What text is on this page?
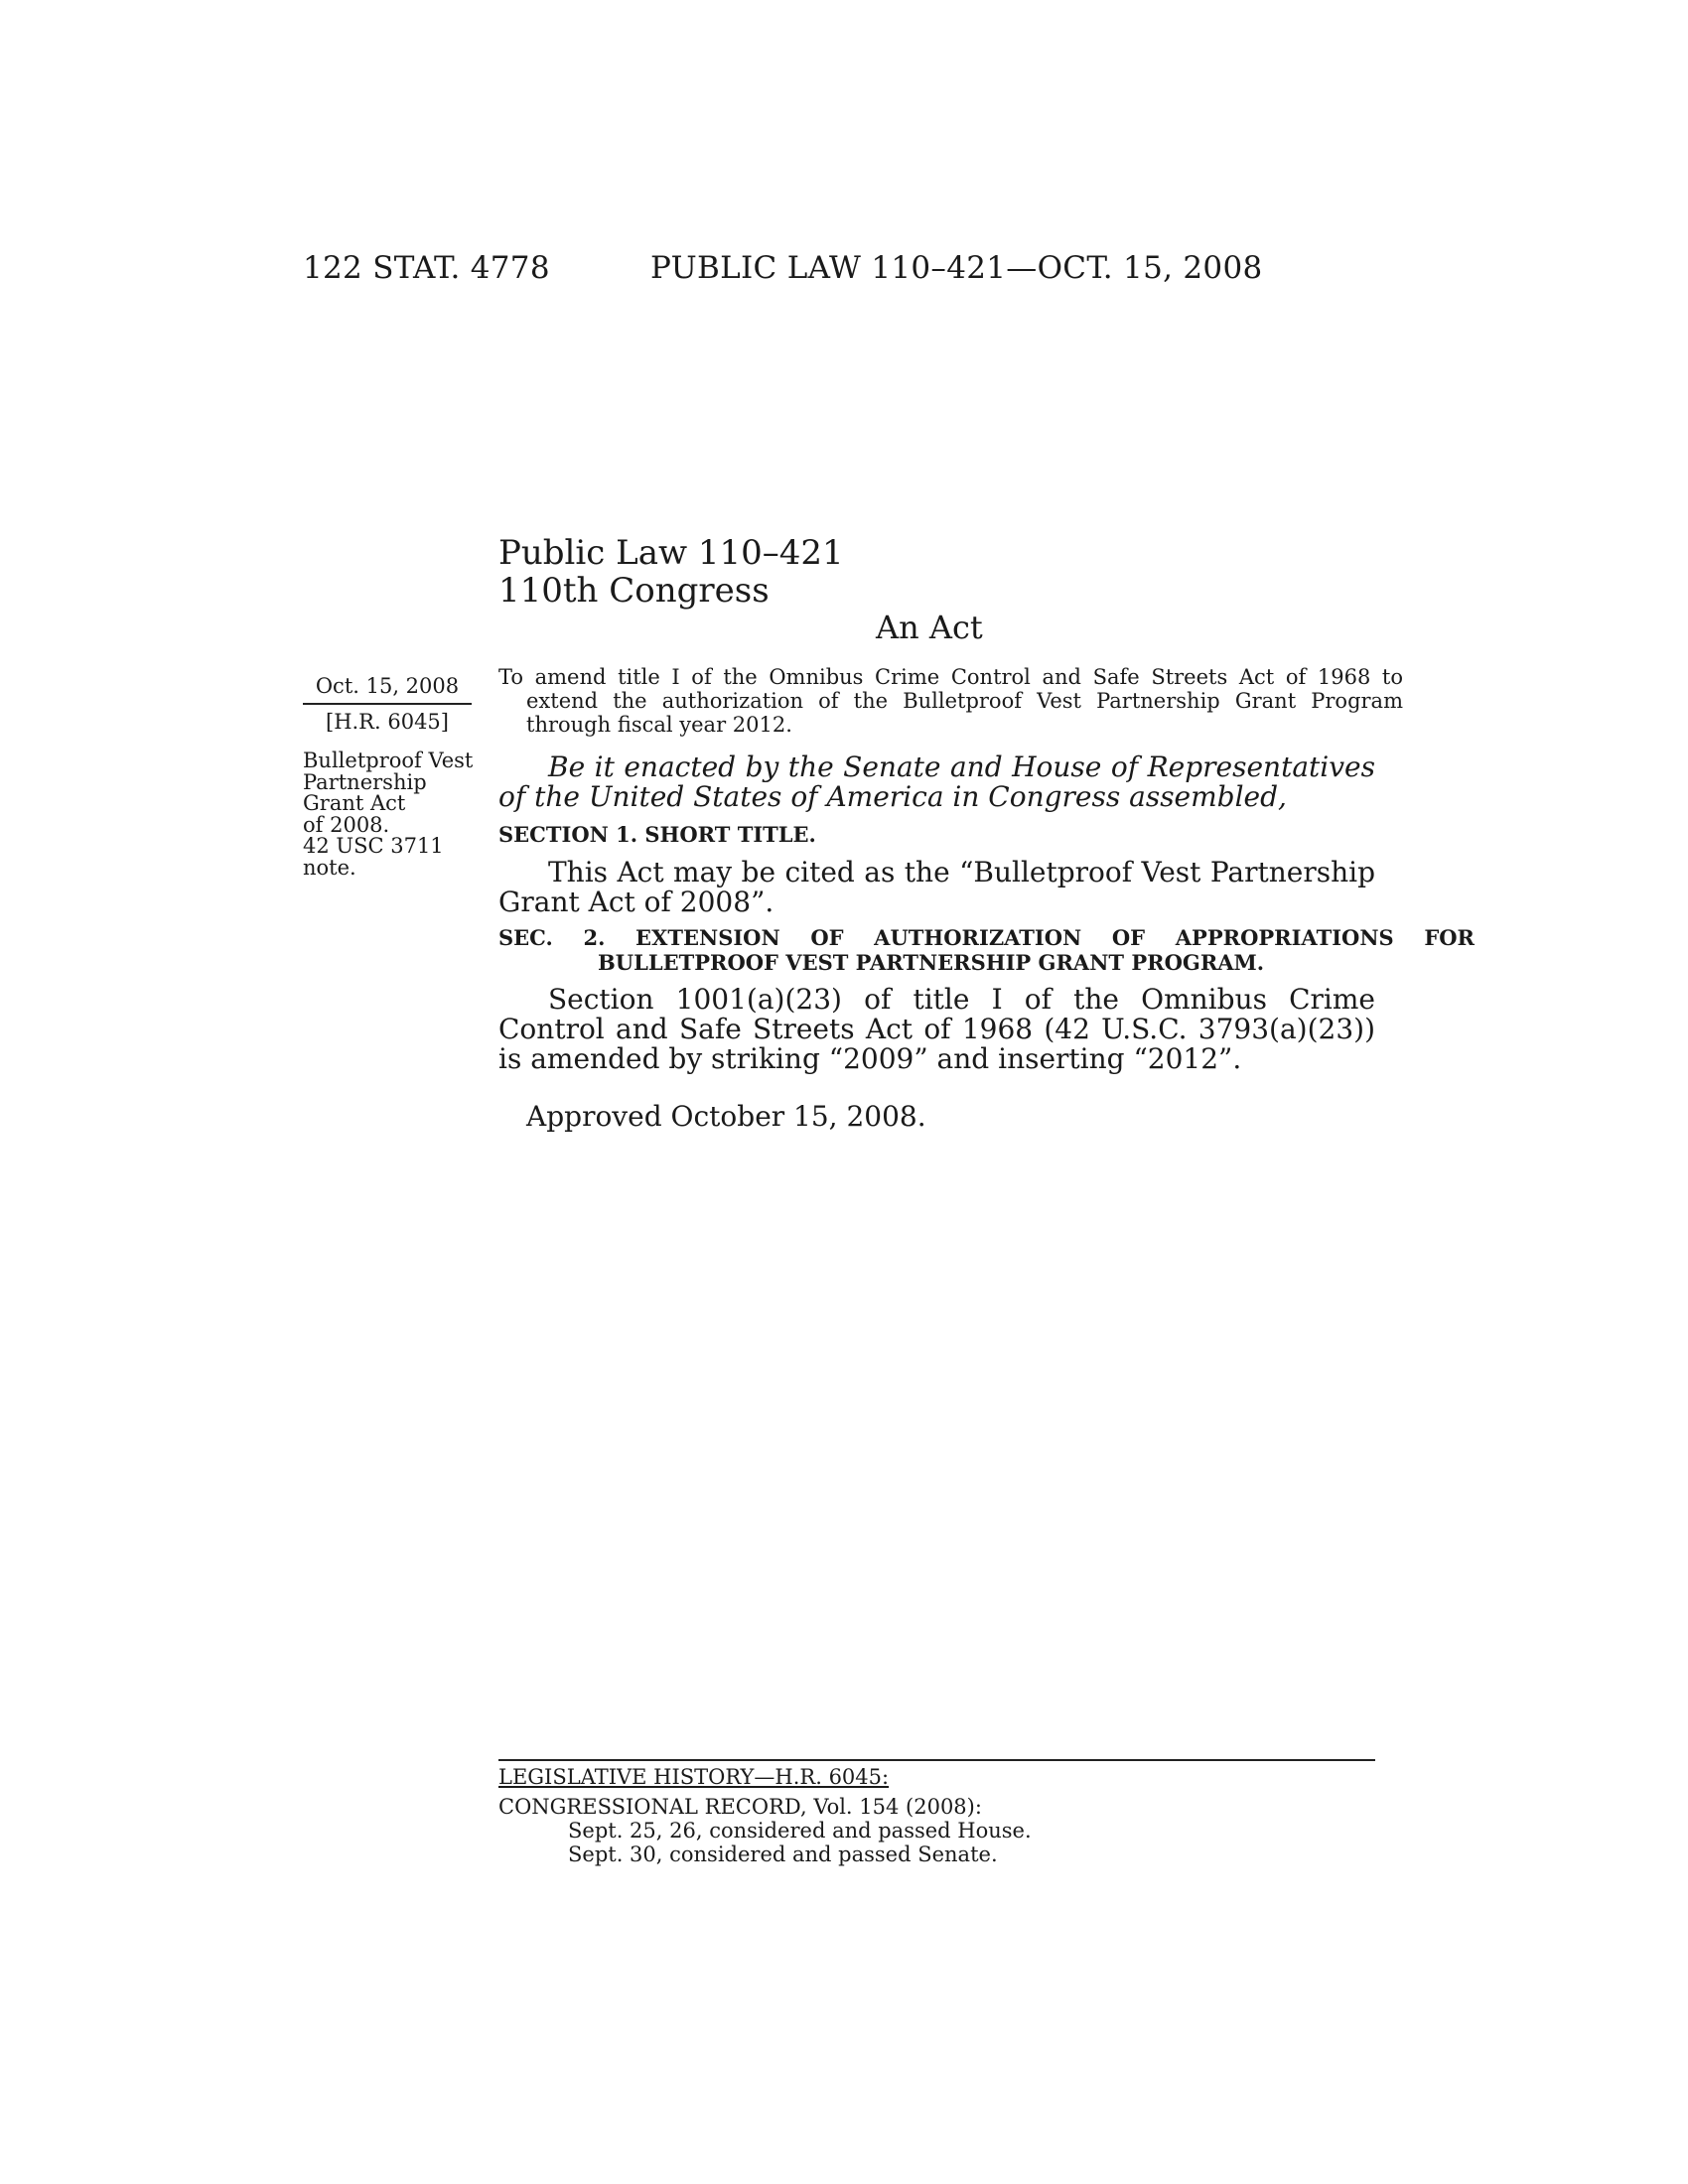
122 STAT. 4778	PUBLIC LAW 110–421—OCT. 15, 2008
Public Law 110–421
110th Congress
An Act
Oct. 15, 2008
[H.R. 6045]
Bulletproof Vest
Partnership
Grant Act
of 2008.
42 USC 3711
note.
To amend title I of the Omnibus Crime Control and Safe Streets Act of 1968 to extend the authorization of the Bulletproof Vest Partnership Grant Program through fiscal year 2012.
Be it enacted by the Senate and House of Representatives of the United States of America in Congress assembled,
SECTION 1. SHORT TITLE.
This Act may be cited as the “Bulletproof Vest Partnership Grant Act of 2008”.
SEC. 2. EXTENSION OF AUTHORIZATION OF APPROPRIATIONS FOR BULLETPROOF VEST PARTNERSHIP GRANT PROGRAM.
Section 1001(a)(23) of title I of the Omnibus Crime Control and Safe Streets Act of 1968 (42 U.S.C. 3793(a)(23)) is amended by striking “2009” and inserting “2012”.
Approved October 15, 2008.
LEGISLATIVE HISTORY—H.R. 6045:
CONGRESSIONAL RECORD, Vol. 154 (2008):
Sept. 25, 26, considered and passed House.
Sept. 30, considered and passed Senate.
